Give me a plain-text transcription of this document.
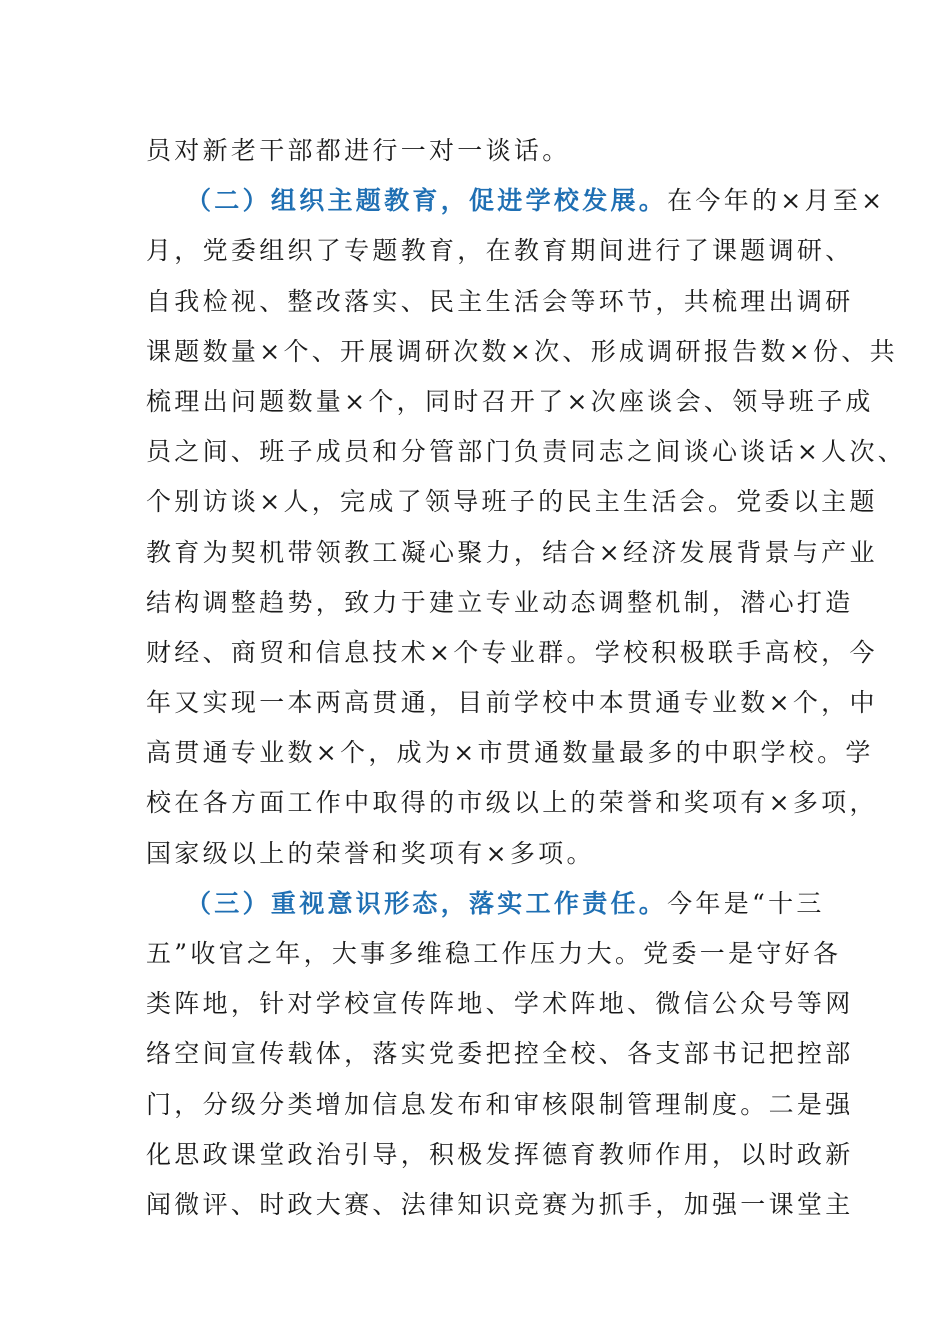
员对新老干部都进行一对一谈话。
（二）组织主题教育，促进学校发展。在今年的×月至×
月，党委组织了专题教育，在教育期间进行了课题调研、
自我检视、整改落实、民主生活会等环节，共梳理出调研
课题数量×个、开展调研次数×次、形成调研报告数×份、共
梳理出问题数量×个，同时召开了×次座谈会、领导班子成
员之间、班子成员和分管部门负责同志之间谈心谈话×人次、
个别访谈×人，完成了领导班子的民主生活会。党委以主题
教育为契机带领教工凝心聚力，结合×经济发展背景与产业
结构调整趋势，致力于建立专业动态调整机制，潜心打造
财经、商贸和信息技术×个专业群。学校积极联手高校，今
年又实现一本两高贯通，目前学校中本贯通专业数×个，中
高贯通专业数×个，成为×市贯通数量最多的中职学校。学
校在各方面工作中取得的市级以上的荣誉和奖项有×多项，
国家级以上的荣誉和奖项有×多项。
（三）重视意识形态，落实工作责任。今年是“十三
五”收官之年，大事多维稳工作压力大。党委一是守好各
类阵地，针对学校宣传阵地、学术阵地、微信公众号等网
络空间宣传载体，落实党委把控全校、各支部书记把控部
门，分级分类增加信息发布和审核限制管理制度。二是强
化思政课堂政治引导，积极发挥德育教师作用，以时政新
闻微评、时政大赛、法律知识竞赛为抓手，加强一课堂主
